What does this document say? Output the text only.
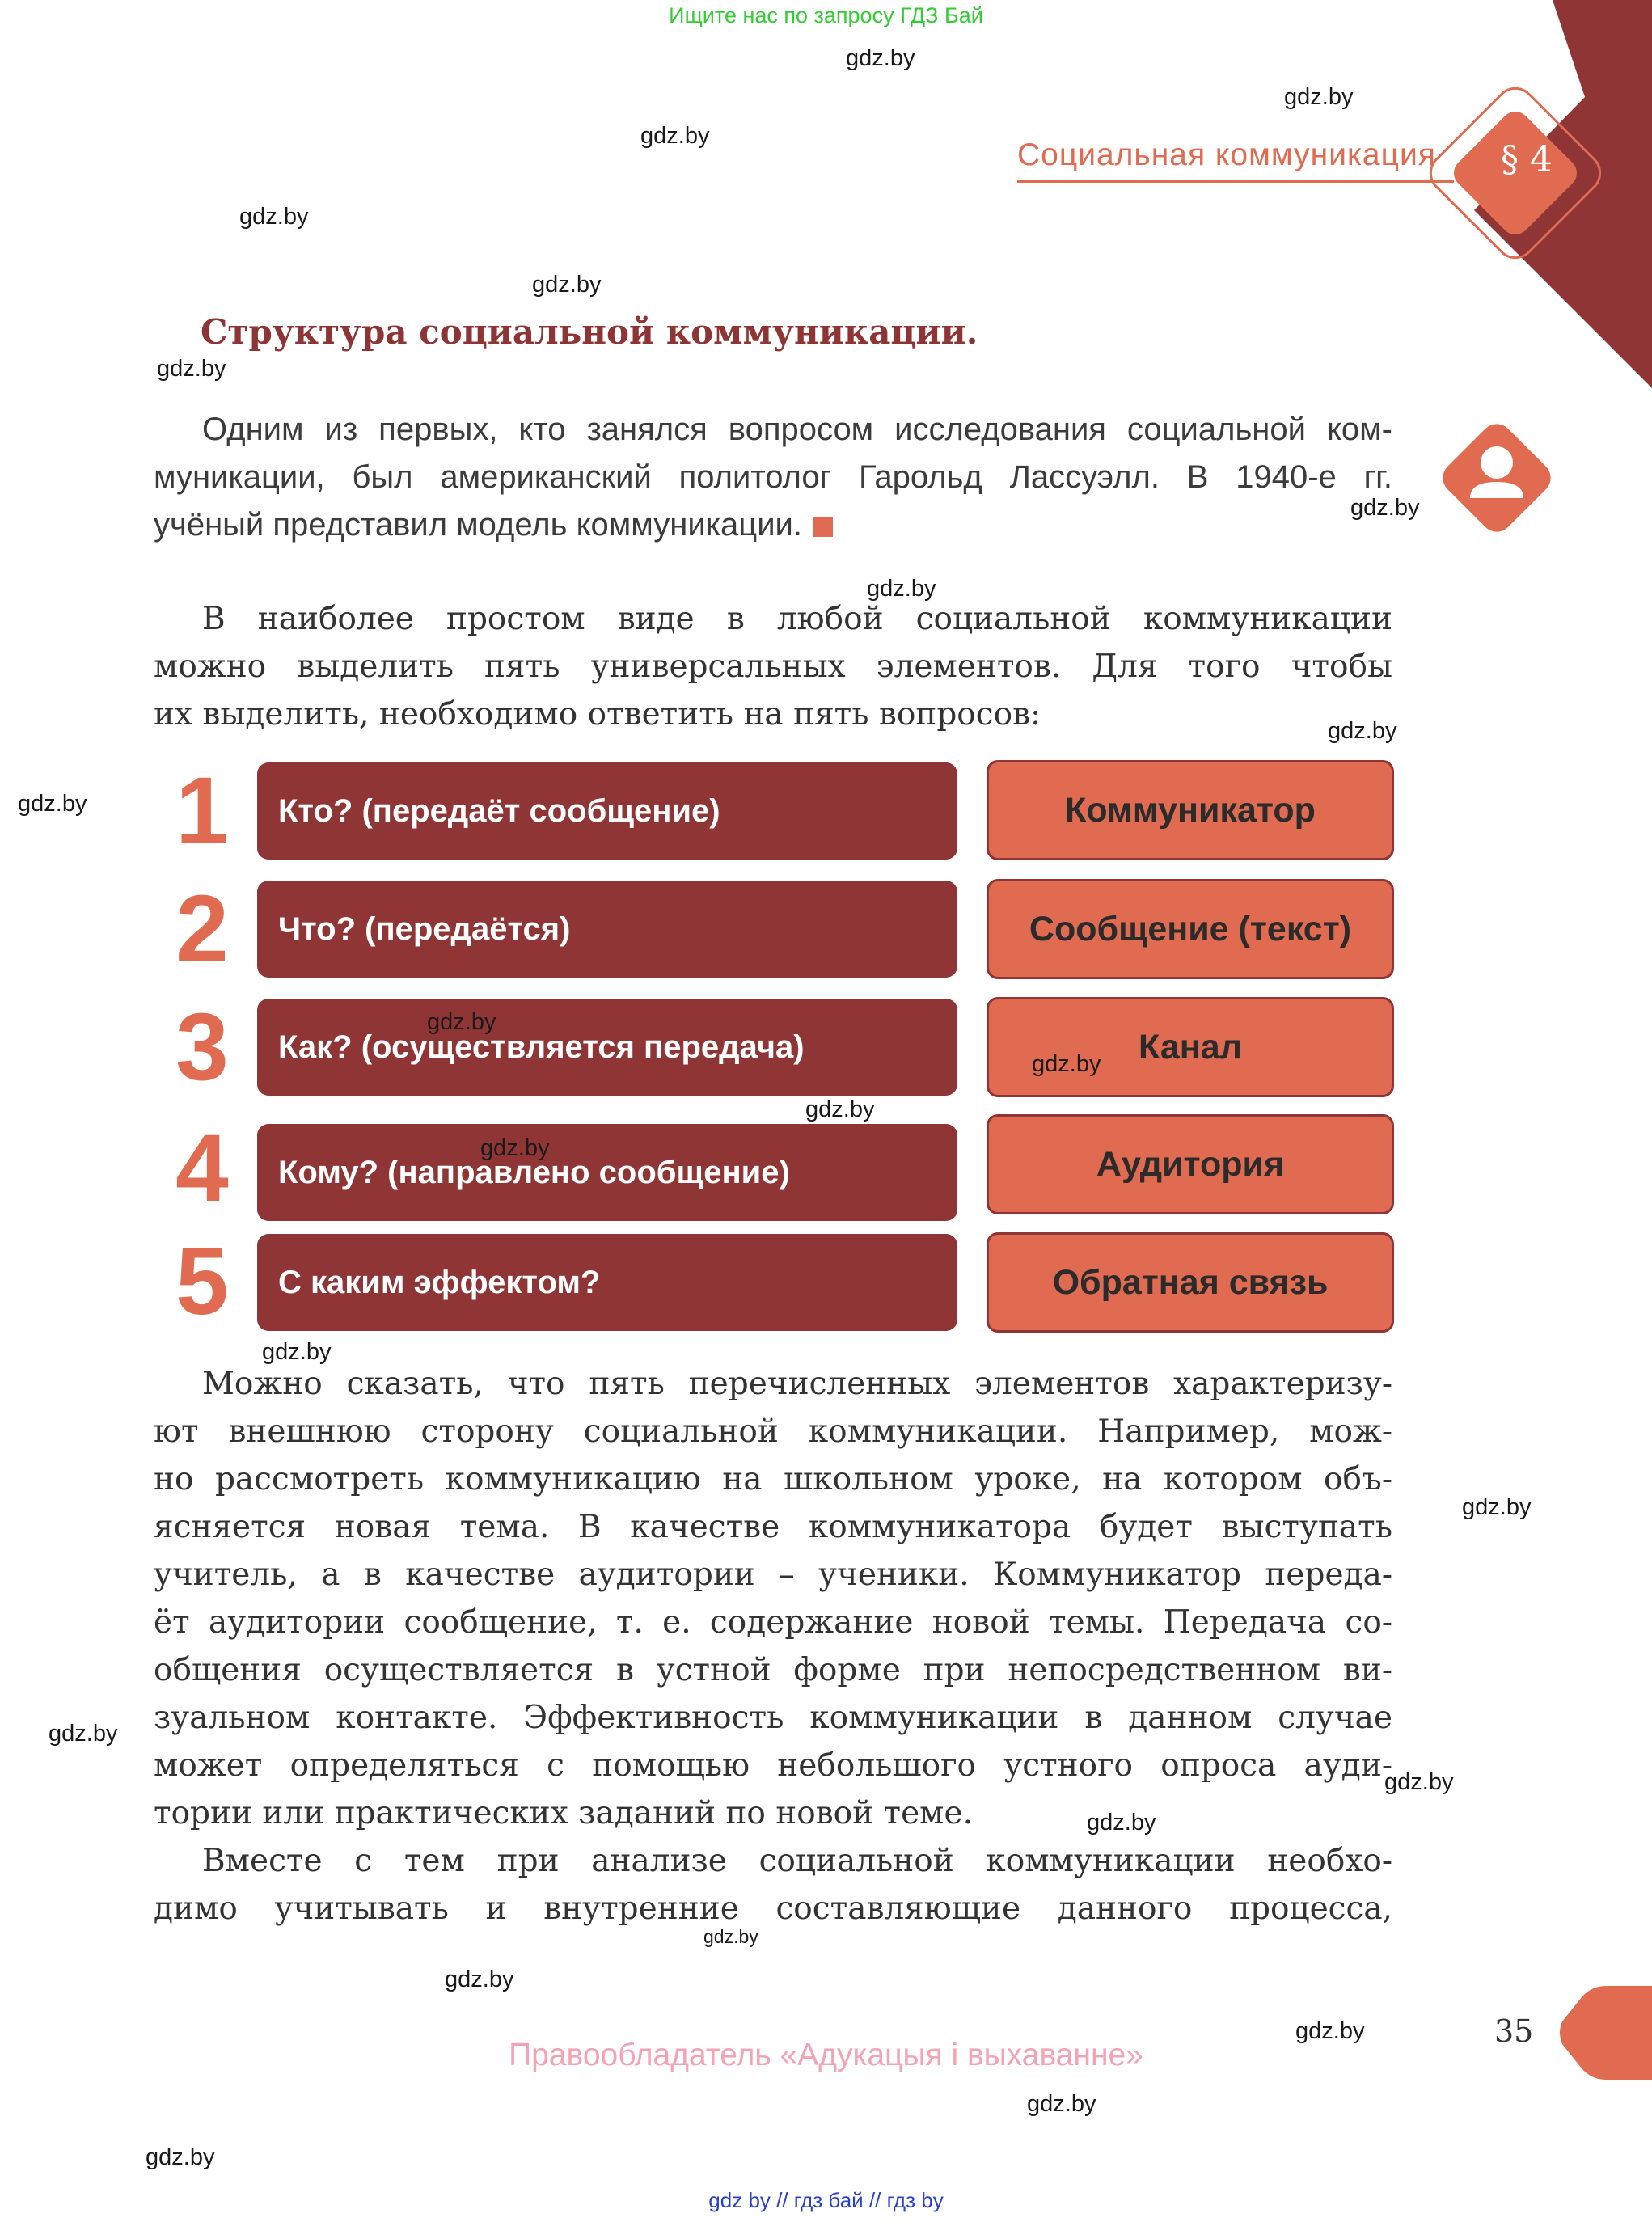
Ищите нас по запросу ГДЗ Бай
§ 4
Социальная коммуникация
Структура социальной коммуникации.
Одним из первых, кто занялся вопросом исследования социальной ком-
муникации, был американский политолог Гарольд Лассуэлл. В 1940-е гг.
учёный представил модель коммуникации.
В наиболее простом виде в любой социальной коммуникации
можно выделить пять универсальных элементов. Для того чтобы
их выделить, необходимо ответить на пять вопросов:
1	Кто? (передаёт сообщение)	Коммуникатор
2	Что? (передаётся)	Сообщение (текст)
3	Как? (осуществляется передача)	Канал
4	Кому? (направлено сообщение)	Аудитория
5	С каким эффектом?	Обратная связь
Можно сказать, что пять перечисленных элементов характеризу-
ют внешнюю сторону социальной коммуникации. Например, мож-
но рассмотреть коммуникацию на школьном уроке, на котором объ-
ясняется новая тема. В качестве коммуникатора будет выступать
учитель, а в качестве аудитории – ученики. Коммуникатор переда-
ёт аудитории сообщение, т. е. содержание новой темы. Передача со-
общения осуществляется в устной форме при непосредственном ви-
зуальном контакте. Эффективность коммуникации в данном случае
может определяться с помощью небольшого устного опроса ауди-
тории или практических заданий по новой теме.
Вместе с тем при анализе социальной коммуникации необхо-
димо учитывать и внутренние составляющие данного процесса,
35
Правообладатель «Адукацыя і выхаванне»
gdz by // гдз бай // гдз by
gdz.by
gdz.by
gdz.by
gdz.by
gdz.by
gdz.by
gdz.by
gdz.by
gdz.by
gdz.by
gdz.by
gdz.by
gdz.by
gdz.by
gdz.by
gdz.by
gdz.by
gdz.by
gdz.by
gdz.by
gdz.by
gdz.by
gdz.by
gdz.by
